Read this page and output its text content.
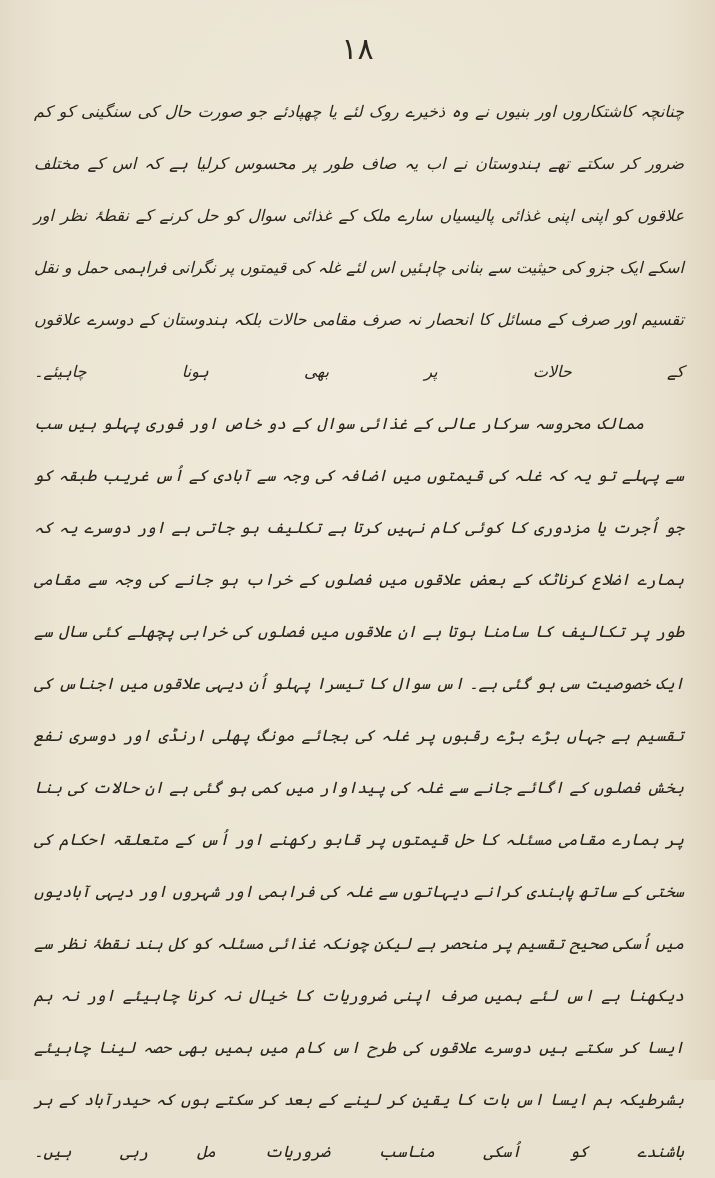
۱۸

چنانچہ کاشتکاروں اور بنیوں نے وہ ذخیرے روک لئے یا چھپادئے جو صورت حال کی سنگینی کو کم ضرور کر سکتے تھے ہندوستان نے اب یہ صاف طور پر محسوس کرلیا ہے کہ اس کے مختلف علاقوں کو اپنی اپنی غذائی پالیسیاں سارے ملک کے غذائی سوال کو حل کرنے کے نقطۂ نظر اور اسکے ایک جزو کی حیثیت سے بنانی چاہئیں اس لئے غلہ کی قیمتوں پر نگرانی فراہمی حمل و نقل تقسیم اور صرف کے مسائل کا انحصار نہ صرف مقامی حالات بلکہ ہندوستان کے دوسرے علاقوں کے حالات پر بھی ہونا چاہیئے۔

ممالک محروسہ سرکار عالی کے غذائی سوال کے دو خاص اور فوری پہلو ہیں سب سے پہلے تو یہ کہ غلہ کی قیمتوں میں اضافہ کی وجہ سے آبادی کے اُس غریب طبقہ کو جو اُجرت یا مزدوری کا کوئی کام نہیں کرتا ہے تکلیف ہو جاتی ہے اور دوسرے یہ کہ ہمارے اضلاع کرناٹک کے بعض علاقوں میں فصلوں کے خراب ہو جانے کی وجہ سے مقامی طور پر تکالیف کا سامنا ہوتا ہے ان علاقوں میں فصلوں کی خرابی پچھلے کئی سال سے ایک خصوصیت سی ہو گئی ہے۔ اس سوال کا تیسرا پہلو اُن دیہی علاقوں میں اجناس کی تقسیم ہے جہاں بڑے بڑے رقبوں پر غلہ کی بجائے مونگ پھلی ارنڈی اور دوسری نفع بخش فصلوں کے اگائے جانے سے غلہ کی پیداوار میں کمی ہو گئی ہے ان حالات کی بنا پر ہمارے مقامی مسئلہ کا حل قیمتوں پر قابو رکھنے اور اُس کے متعلقہ احکام کی سختی کے ساتھ پابندی کرانے دیہاتوں سے غلہ کی فراہمی اور شہروں اور دیہی آبادیوں میں اُسکی صحیح تقسیم پر منحصر ہے لیکن چونکہ غذائی مسئلہ کو کل ہند نقطۂ نظر سے دیکھنا ہے اس لئے ہمیں صرف اپنی ضروریات کا خیال نہ کرنا چاہیئے اور نہ ہم ایسا کر سکتے ہیں دوسرے علاقوں کی طرح اس کام میں ہمیں بھی حصہ لینا چاہیئے بشرطیکہ ہم ایسا اس بات کا یقین کر لینے کے بعد کر سکتے ہوں کہ حیدرآباد کے ہر باشندے کو اُسکی مناسب ضروریات مل رہی ہیں۔
